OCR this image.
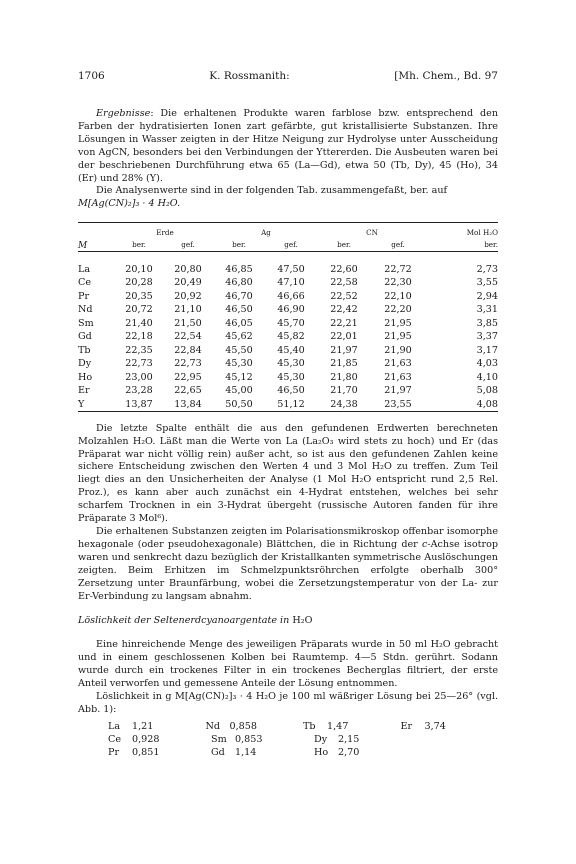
1706	K. Rossmanith:	[Mh. Chem., Bd. 97

Ergebnisse: Die erhaltenen Produkte waren farblose bzw. entsprechend den Farben der hydratisierten Ionen zart gefärbte, gut kristallisierte Substanzen. Ihre Lösungen in Wasser zeigten in der Hitze Neigung zur Hydrolyse unter Ausscheidung von AgCN, besonders bei den Verbindungen der Yttererden. Die Ausbeuten waren bei der beschriebenen Durchführung etwa 65 (La—Gd), etwa 50 (Tb, Dy), 45 (Ho), 34 (Er) und 28% (Y).

Die Analysenwerte sind in der folgenden Tab. zusammengefaßt, ber. auf
M[Ag(CN)₂]₃ · 4 H₂O.

M	Erde		Ag		CN		Mol H₂O
	ber.	gef.	ber.	gef.	ber.	gef.	ber.

La	20,10	20,80	46,85	47,50	22,60	22,72	2,73
Ce	20,28	20,49	46,80	47,10	22,58	22,30	3,55
Pr	20,35	20,92	46,70	46,66	22,52	22,10	2,94
Nd	20,72	21,10	46,50	46,90	22,42	22,20	3,31
Sm	21,40	21,50	46,05	45,70	22,21	21,95	3,85
Gd	22,18	22,54	45,62	45,82	22,01	21,95	3,37
Tb	22,35	22,84	45,50	45,40	21,97	21,90	3,17
Dy	22,73	22,73	45,30	45,30	21,85	21,63	4,03
Ho	23,00	22,95	45,12	45,30	21,80	21,63	4,10
Er	23,28	22,65	45,00	46,50	21,70	21,97	5,08
Y	13,87	13,84	50,50	51,12	24,38	23,55	4,08

Die letzte Spalte enthält die aus den gefundenen Erdwerten berechneten Molzahlen H₂O. Läßt man die Werte von La (La₂O₃ wird stets zu hoch) und Er (das Präparat war nicht völlig rein) außer acht, so ist aus den gefundenen Zahlen keine sichere Entscheidung zwischen den Werten 4 und 3 Mol H₂O zu treffen. Zum Teil liegt dies an den Unsicherheiten der Analyse (1 Mol H₂O entspricht rund 2,5 Rel. Proz.), es kann aber auch zunächst ein 4-Hydrat entstehen, welches bei sehr scharfem Trocknen in ein 3-Hydrat übergeht (russische Autoren fanden für ihre Präparate 3 Mol⁶).

Die erhaltenen Substanzen zeigten im Polarisationsmikroskop offenbar isomorphe hexagonale (oder pseudohexagonale) Blättchen, die in Richtung der c-Achse isotrop waren und senkrecht dazu bezüglich der Kristallkanten symmetrische Auslöschungen zeigten. Beim Erhitzen im Schmelzpunktsröhrchen erfolgte oberhalb 300° Zersetzung unter Braunfärbung, wobei die Zersetzungstemperatur von der La- zur Er-Verbindung zu langsam abnahm.

Löslichkeit der Seltenerdcyanoargentate in H₂O

Eine hinreichende Menge des jeweiligen Präparats wurde in 50 ml H₂O gebracht und in einem geschlossenen Kolben bei Raumtemp. 4—5 Stdn. gerührt. Sodann wurde durch ein trockenes Filter in ein trockenes Becherglas filtriert, der erste Anteil verworfen und gemessene Anteile der Lösung entnommen.

Löslichkeit in g M[Ag(CN)₂]₃ · 4 H₂O je 100 ml wäßriger Lösung bei 25—26° (vgl. Abb. 1):

La	1,21	Nd 0,858	Tb	1,47	Er	3,74
Ce	0,928	Sm 0,853	Dy	2,15
Pr	0,851	Gd	1,14	Ho	2,70
